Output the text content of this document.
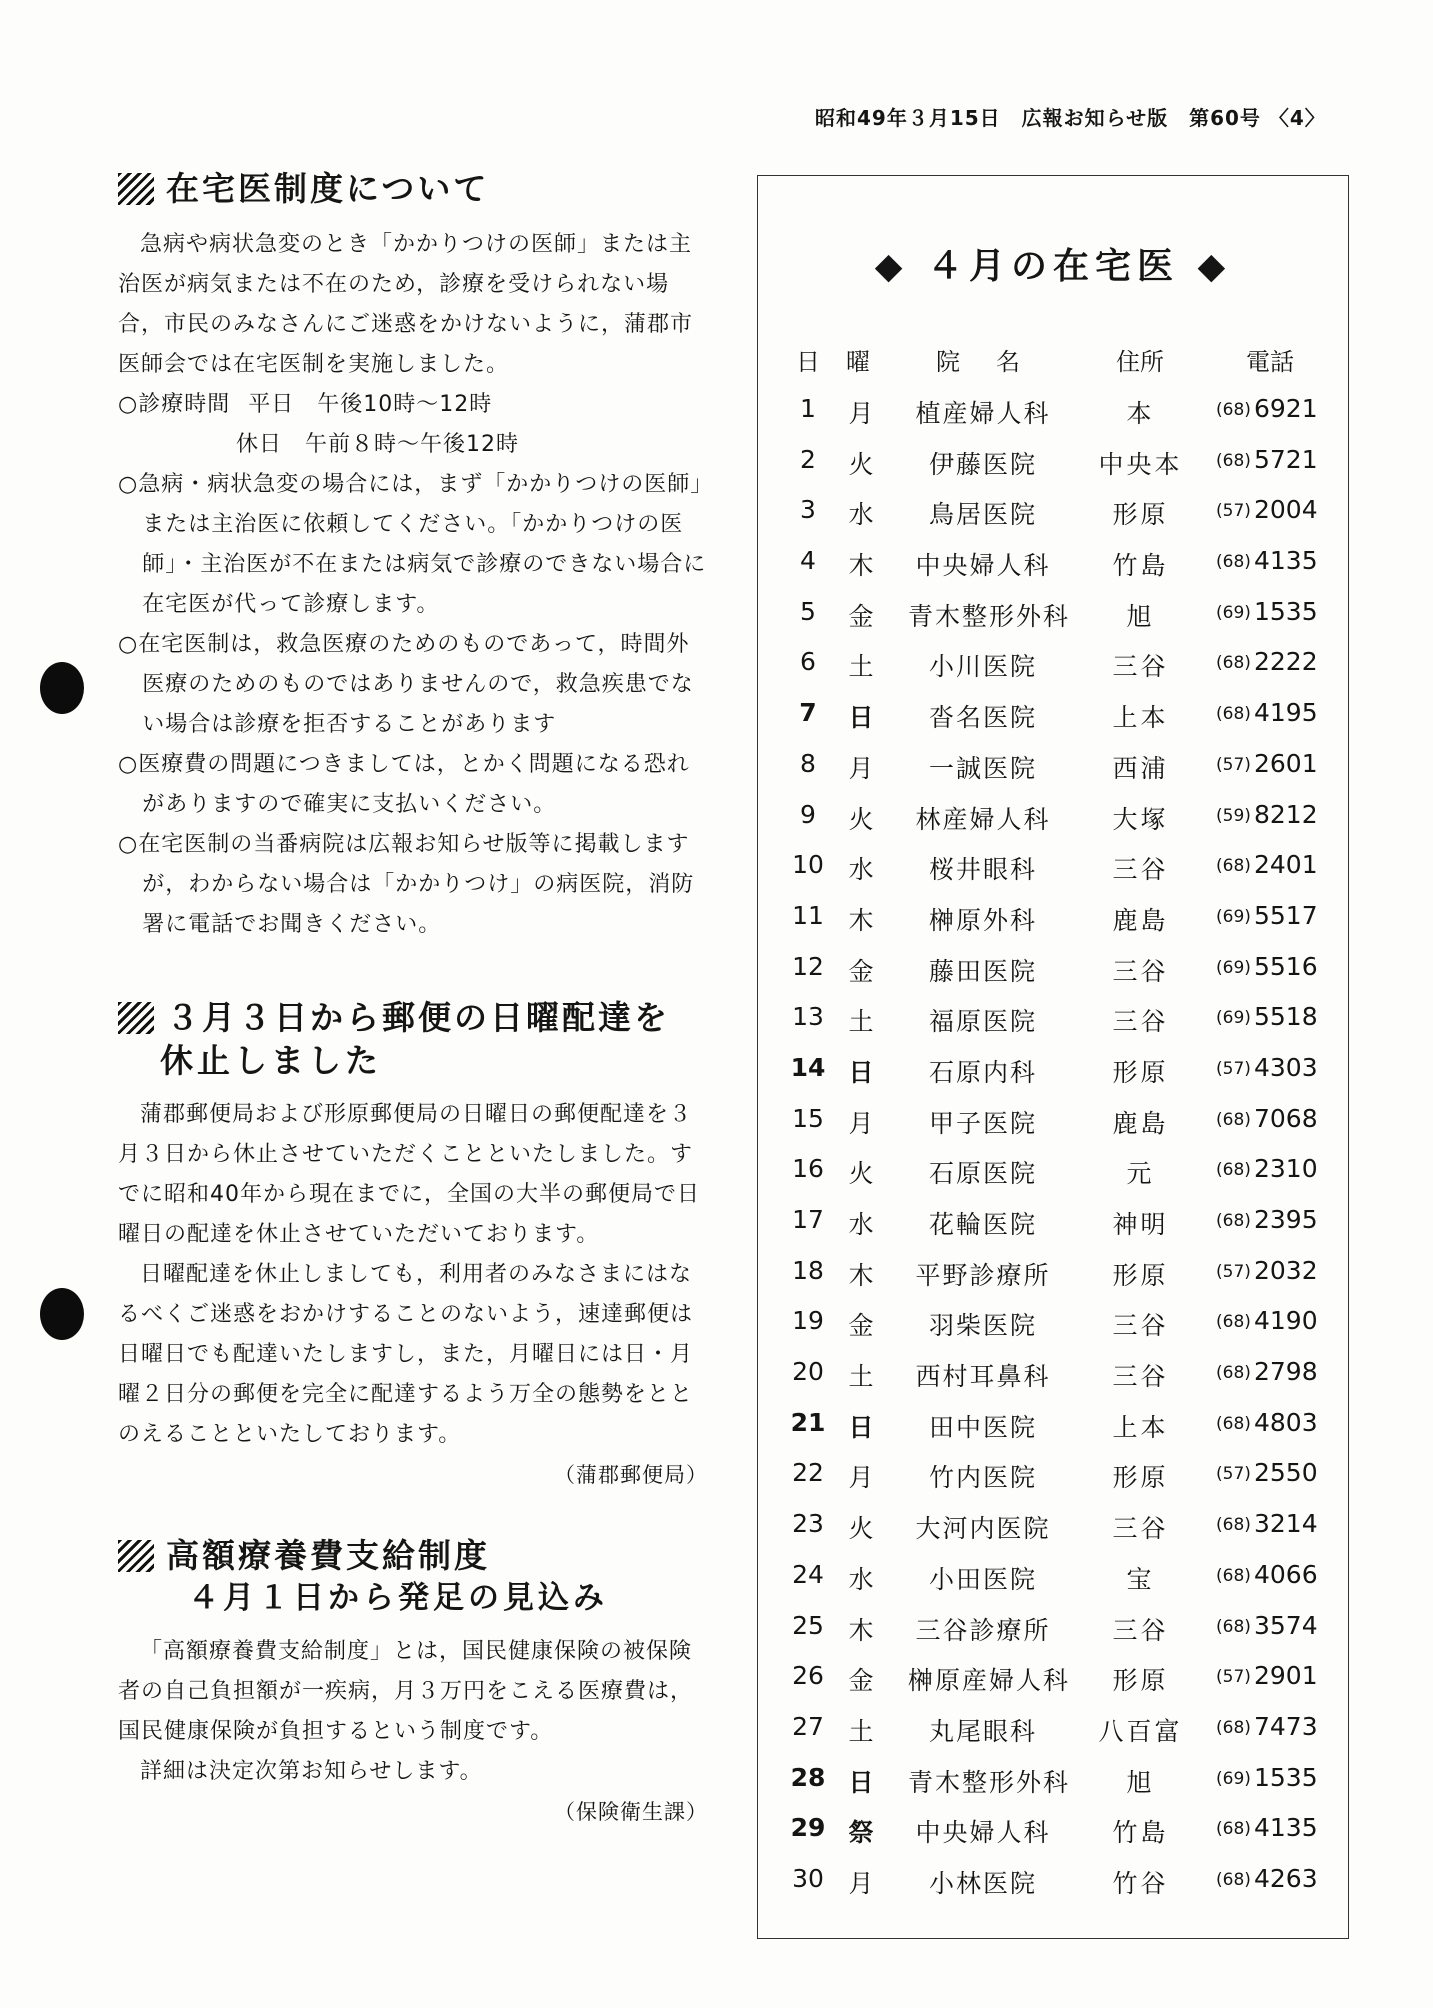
昭和49年３月15日　広報お知らせ版　第60号 〈4〉
在宅医制度について

急病や病状急変のとき「かかりつけの医師」または主治医が病気または不在のため，診療を受けられない場合，市民のみなさんにご迷惑をかけないように，蒲郡市医師会では在宅医制を実施しました。

○診療時間 平日　午後10時〜12時
休日　午前８時〜午後12時
○急病・病状急変の場合には，まず「かかりつけの医師」または主治医に依頼してください。「かかりつけの医師」・主治医が不在または病気で診療のできない場合に在宅医が代って診療します。
○在宅医制は，救急医療のためのものであって，時間外医療のためのものではありませんので，救急疾患でない場合は診療を拒否することがあります
○医療費の問題につきましては，とかく問題になる恐れがありますので確実に支払いください。
○在宅医制の当番病院は広報お知らせ版等に掲載しますが，わからない場合は「かかりつけ」の病医院，消防署に電話でお聞きください。
３月３日から郵便の日曜配達を
休止しました

蒲郡郵便局および形原郵便局の日曜日の郵便配達を３月３日から休止させていただくことといたしました。すでに昭和40年から現在までに，全国の大半の郵便局で日曜日の配達を休止させていただいております。

日曜配達を休止しましても，利用者のみなさまにはなるべくご迷惑をおかけすることのないよう，速達郵便は日曜日でも配達いたしますし，また，月曜日には日・月曜２日分の郵便を完全に配達するよう万全の態勢をととのえることといたしております。

（蒲郡郵便局）
高額療養費支給制度
４月１日から発足の見込み

「高額療養費支給制度」とは，国民健康保険の被保険者の自己負担額が一疾病，月３万円をこえる医療費は，国民健康保険が負担するという制度です。

詳細は決定次第お知らせします。

（保険衛生課）
◆ ４月の在宅医 ◆
日 曜	院　名	住所	電話
1	月	植産婦人科	本	(68) 6921
2	火	伊藤医院	中央本	(68) 5721
3	水	鳥居医院	形原	(57) 2004
4	木	中央婦人科	竹島	(68) 4135
5	金	青木整形外科	旭	(69) 1535
6	土	小川医院	三谷	(68) 2222
7	日	沓名医院	上本	(68) 4195
8	月	一誠医院	西浦	(57) 2601
9	火	林産婦人科	大塚	(59) 8212
10 水	桜井眼科	三谷	(68) 2401
11 木	榊原外科	鹿島	(69) 5517
12 金	藤田医院	三谷	(69) 5516
13 土	福原医院	三谷	(69) 5518
14 日	石原内科	形原	(57) 4303
15 月	甲子医院	鹿島	(68) 7068
16 火	石原医院	元	(68) 2310
17 水	花輪医院	神明	(68) 2395
18 木	平野診療所	形原	(57) 2032
19 金	羽柴医院	三谷	(68) 4190
20 土	西村耳鼻科	三谷	(68) 2798
21 日	田中医院	上本	(68) 4803
22 月	竹内医院	形原	(57) 2550
23 火	大河内医院	三谷	(68) 3214
24 水	小田医院	宝	(68) 4066
25 木	三谷診療所	三谷	(68) 3574
26 金	榊原産婦人科	形原	(57) 2901
27 土	丸尾眼科	八百富	(68) 7473
28 日	青木整形外科	旭	(69) 1535
29 祭	中央婦人科	竹島	(68) 4135
30 月	小林医院	竹谷	(68) 4263
